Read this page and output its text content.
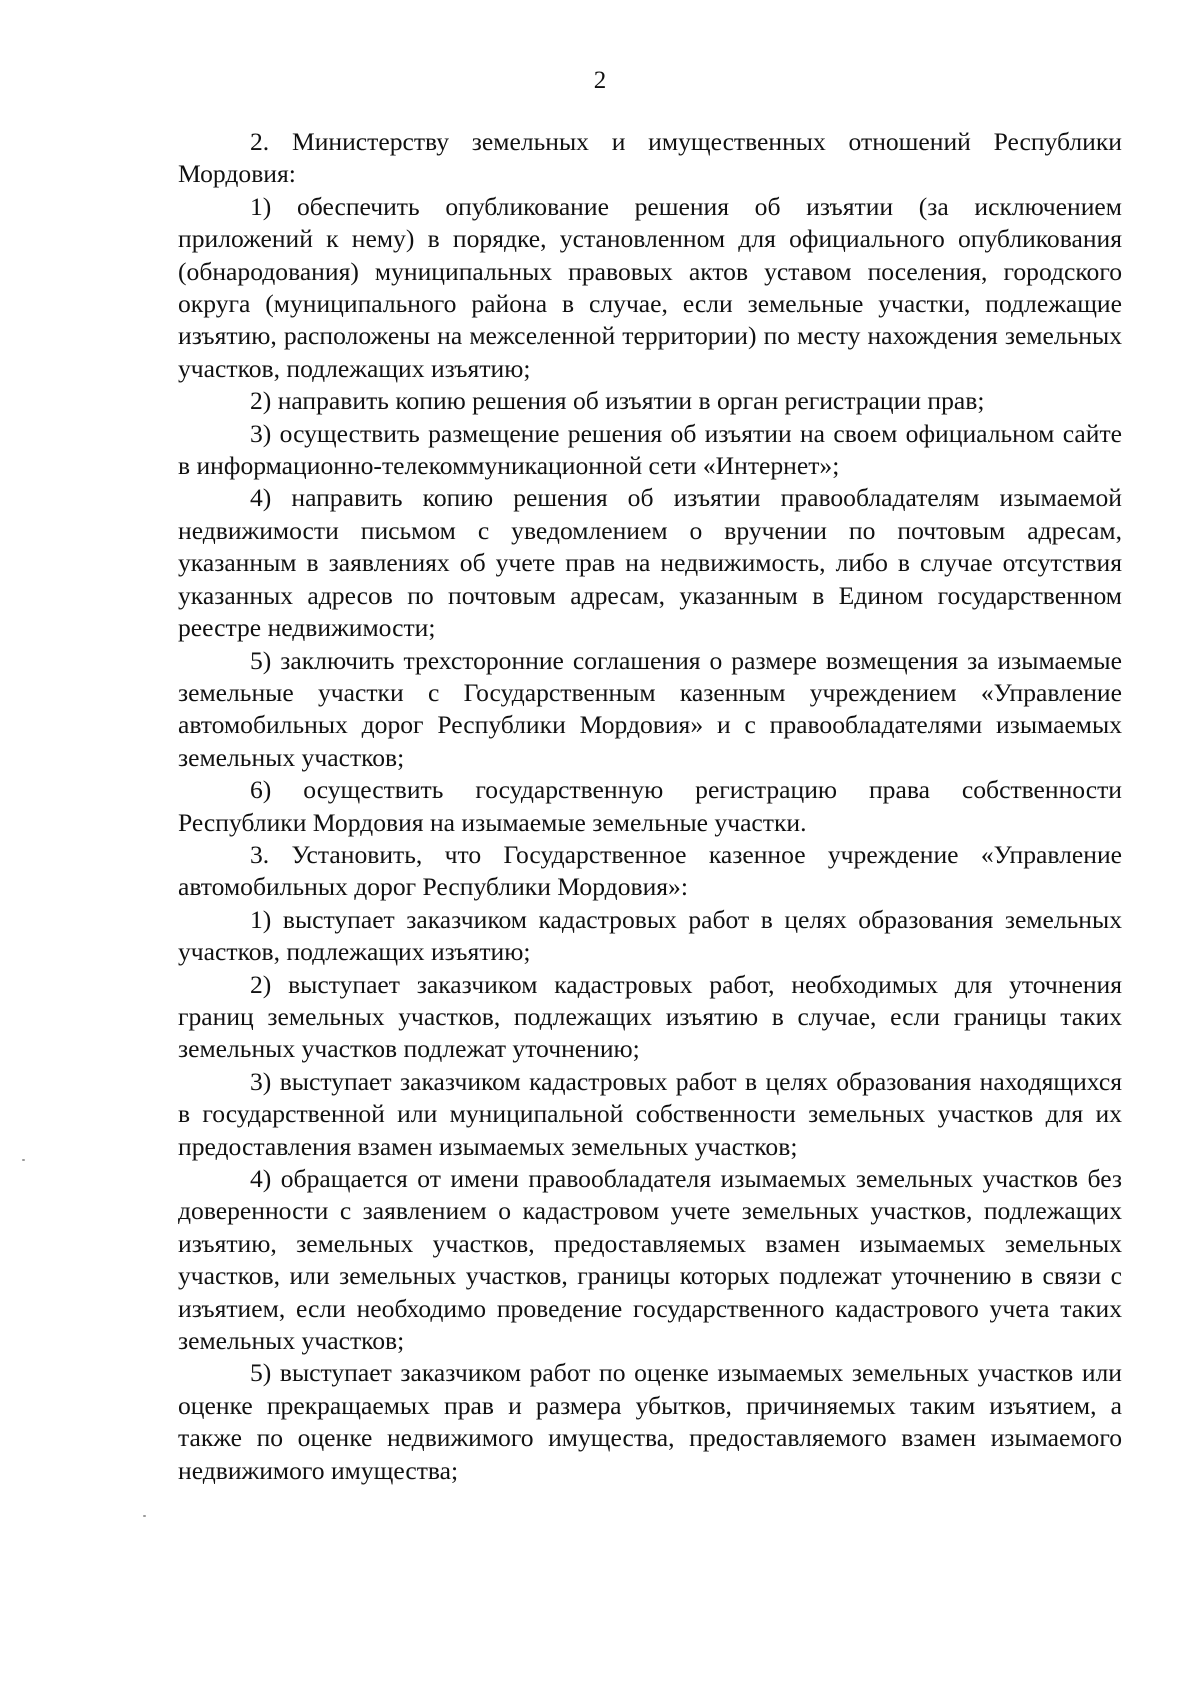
2

2. Министерству земельных и имущественных отношений Республики Мордовия:

1) обеспечить опубликование решения об изъятии (за исключением приложений к нему) в порядке, установленном для официального опубликования (обнародования) муниципальных правовых актов уставом поселения, городского округа (муниципального района в случае, если земельные участки, подлежащие изъятию, расположены на межселенной территории) по месту нахождения земельных участков, подлежащих изъятию;

2) направить копию решения об изъятии в орган регистрации прав;

3) осуществить размещение решения об изъятии на своем официальном сайте в информационно-телекоммуникационной сети «Интернет»;

4) направить копию решения об изъятии правообладателям изымаемой недвижимости письмом с уведомлением о вручении по почтовым адресам, указанным в заявлениях об учете прав на недвижимость, либо в случае отсутствия указанных адресов по почтовым адресам, указанным в Едином государственном реестре недвижимости;

5) заключить трехсторонние соглашения о размере возмещения за изымаемые земельные участки с Государственным казенным учреждением «Управление автомобильных дорог Республики Мордовия» и с правообладателями изымаемых земельных участков;

6) осуществить государственную регистрацию права собственности Республики Мордовия на изымаемые земельные участки.

3. Установить, что Государственное казенное учреждение «Управление автомобильных дорог Республики Мордовия»:

1) выступает заказчиком кадастровых работ в целях образования земельных участков, подлежащих изъятию;

2) выступает заказчиком кадастровых работ, необходимых для уточнения границ земельных участков, подлежащих изъятию в случае, если границы таких земельных участков подлежат уточнению;

3) выступает заказчиком кадастровых работ в целях образования находящихся в государственной или муниципальной собственности земельных участков для их предоставления взамен изымаемых земельных участков;

4) обращается от имени правообладателя изымаемых земельных участков без доверенности с заявлением о кадастровом учете земельных участков, подлежащих изъятию, земельных участков, предоставляемых взамен изымаемых земельных участков, или земельных участков, границы которых подлежат уточнению в связи с изъятием, если необходимо проведение государственного кадастрового учета таких земельных участков;

5) выступает заказчиком работ по оценке изымаемых земельных участков или оценке прекращаемых прав и размера убытков, причиняемых таким изъятием, а также по оценке недвижимого имущества, предоставляемого взамен изымаемого недвижимого имущества;
